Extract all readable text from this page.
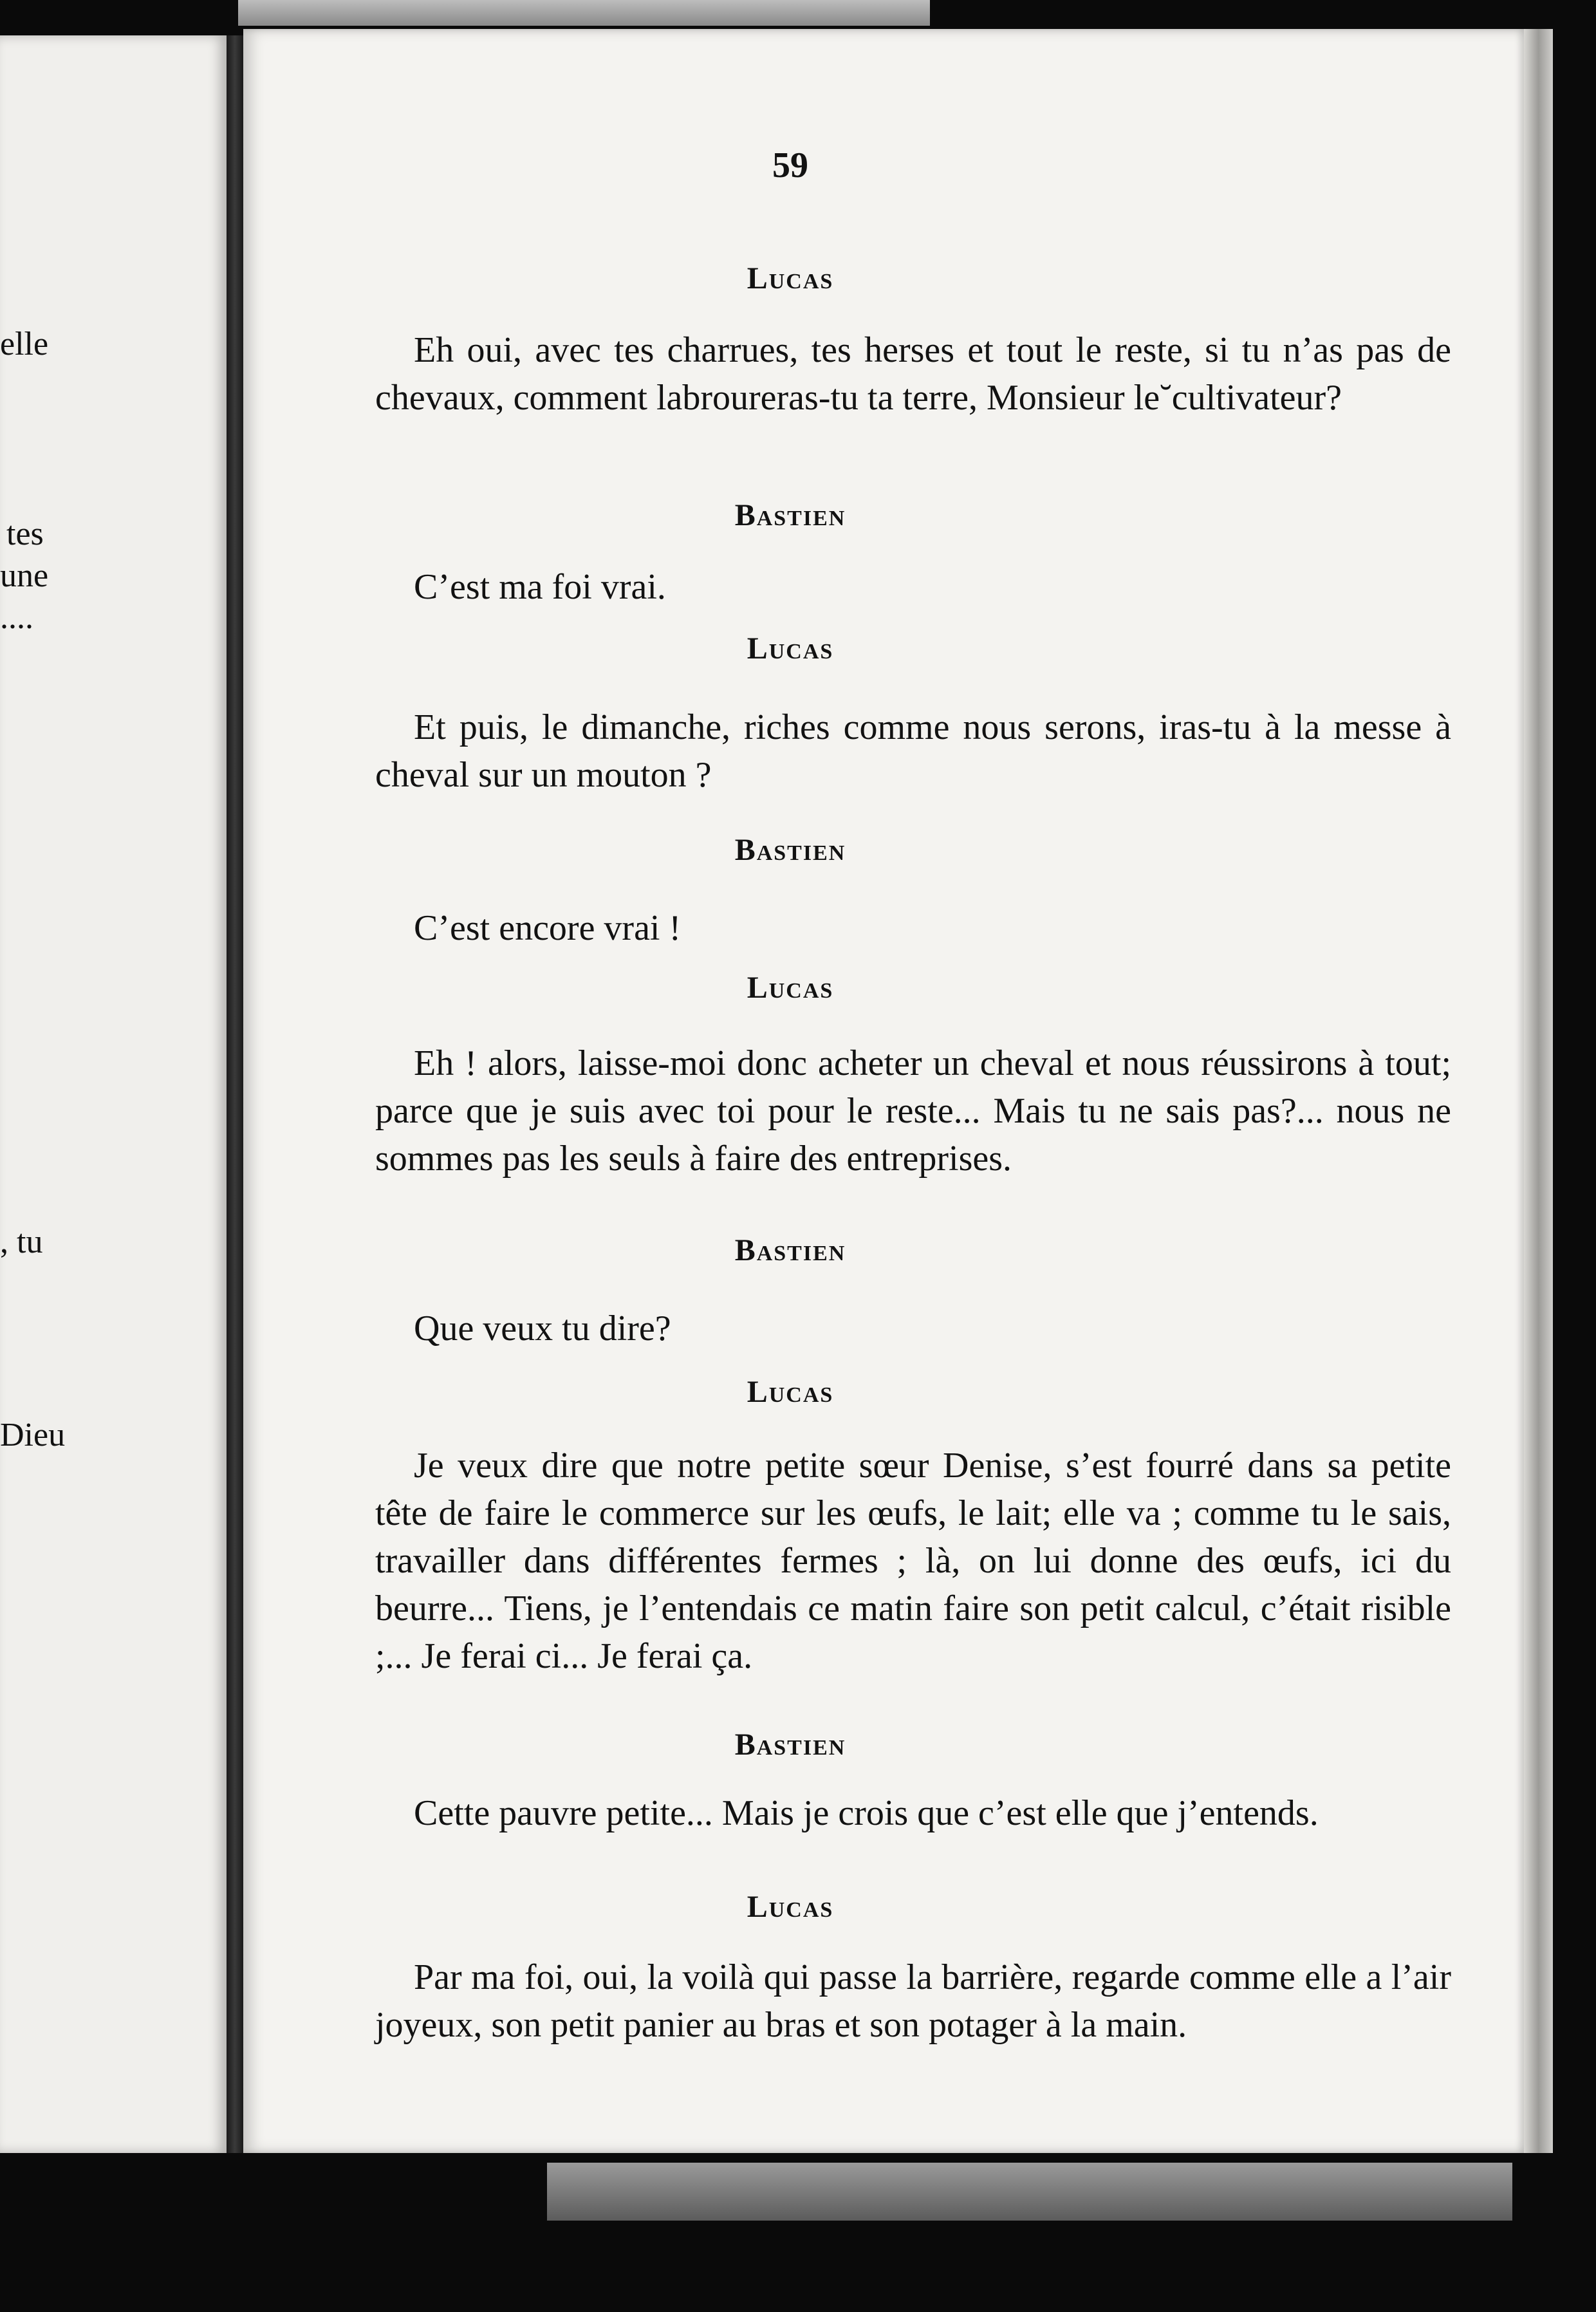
elle
tes
une
....
, tu
Dieu
59

Lucas

Eh oui, avec tes charrues, tes herses et tout le reste, si tu n’as pas de chevaux, comment labroureras-tu ta terre, Monsieur le˘cultivateur?

Bastien

C’est ma foi vrai.

Lucas

Et puis, le dimanche, riches comme nous serons, iras-tu à la messe à cheval sur un mouton ?

Bastien

C’est encore vrai !

Lucas

Eh ! alors, laisse-moi donc acheter un cheval et nous réussirons à tout; parce que je suis avec toi pour le reste... Mais tu ne sais pas?... nous ne sommes pas les seuls à faire des entreprises.

Bastien

Que veux tu dire?

Lucas

Je veux dire que notre petite sœur Denise, s’est fourré dans sa petite tête de faire le commerce sur les œufs, le lait; elle va ; comme tu le sais, travailler dans différentes fermes ; là, on lui donne des œufs, ici du beurre... Tiens, je l’entendais ce matin faire son petit calcul, c’était risible ;... Je ferai ci... Je ferai ça.

Bastien

Cette pauvre petite... Mais je crois que c’est elle que j’entends.

Lucas

Par ma foi, oui, la voilà qui passe la barrière, regarde comme elle a l’air joyeux, son petit panier au bras et son potager à la main.
